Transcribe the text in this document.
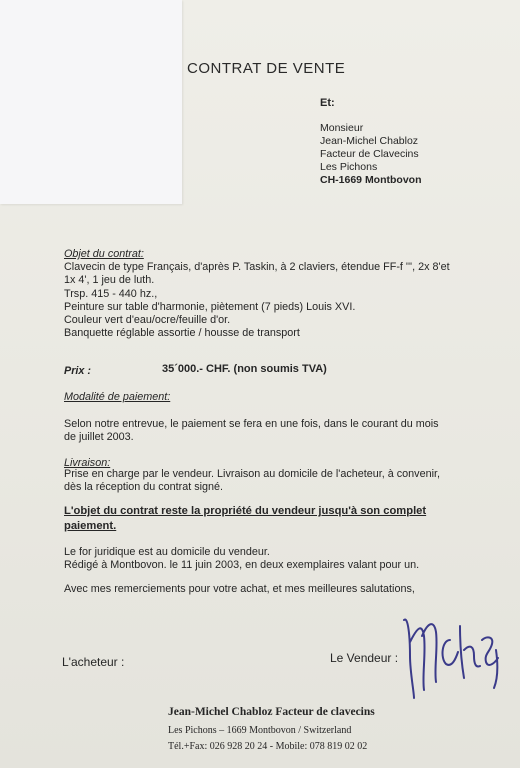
CONTRAT DE VENTE
Et:
Monsieur
Jean-Michel Chabloz
Facteur de Clavecins
Les Pichons
CH-1669 Montbovon
Objet du contrat:
Clavecin de type Français, d'après P. Taskin, à 2 claviers, étendue FF-f ''', 2x 8'et
1x 4', 1 jeu de luth.
Trsp. 415 - 440 hz.,
Peinture sur table d'harmonie, piètement (7 pieds) Louis XVI.
Couleur vert d'eau/ocre/feuille d'or.
Banquette réglable assortie / housse de transport
Prix :	35´000.- CHF. (non soumis TVA)
Modalité de paiement:
Selon notre entrevue, le paiement se fera en une fois, dans le courant du mois
de juillet 2003.
Livraison:
Prise en charge par le vendeur. Livraison au domicile de l'acheteur, à convenir,
dès la réception du contrat signé.
L'objet du contrat reste la propriété du vendeur jusqu'à son complet
paiement.
Le for juridique est au domicile du vendeur.
Rédigé à Montbovon. le 11 juin 2003, en deux exemplaires valant pour un.
Avec mes remerciements pour votre achat, et mes meilleures salutations,
L'acheteur :	Le Vendeur :
Jean-Michel Chabloz Facteur de clavecins
Les Pichons – 1669 Montbovon / Switzerland
Tél.+Fax: 026 928 20 24 - Mobile: 078 819 02 02
